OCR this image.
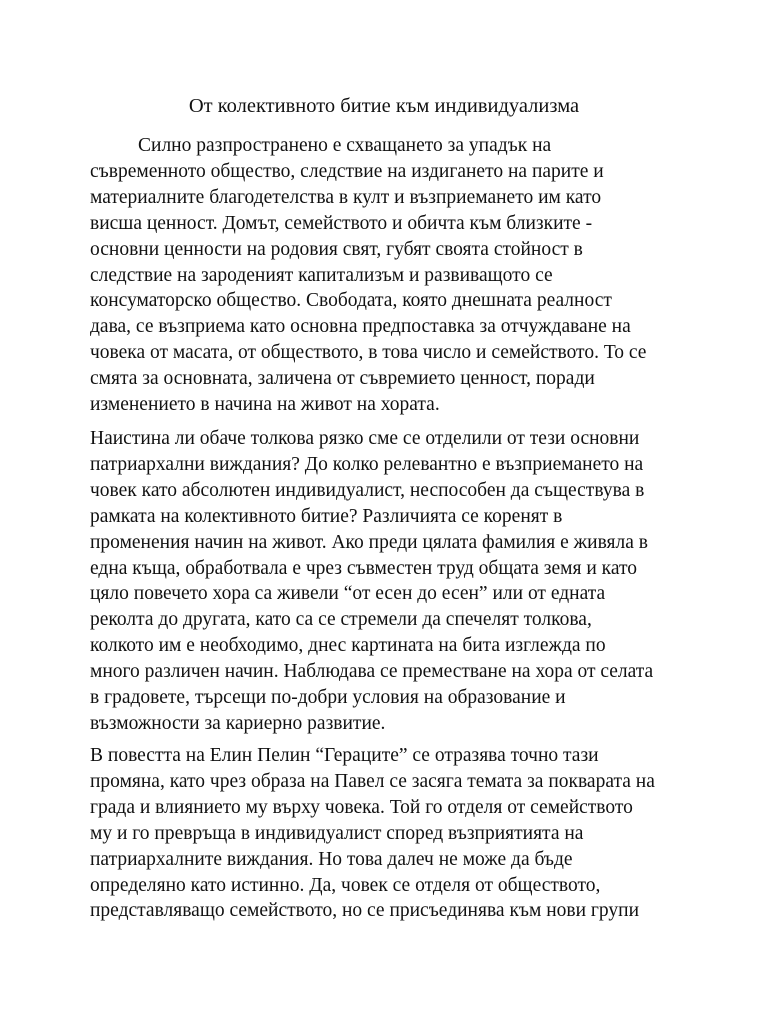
От колективното битие към индивидуализма

Силно разпространено е схващането за упадък на
съвременното общество, следствие на издигането на парите и
материалните благодетелства в култ и възприемането им като
висша ценност. Домът, семейството и обичта към близките -
основни ценности на родовия свят, губят своята стойност в
следствие на зароденият капитализъм и развиващото се
консуматорско общество. Свободата, която днешната реалност
дава, се възприема като основна предпоставка за отчуждаване на
човека от масата, от обществото, в това число и семейството. То се
смята за основната, заличена от съвремието ценност, поради
изменението в начина на живот на хората.

Наистина ли обаче толкова рязко сме се отделили от тези основни
патриархални виждания? До колко релевантно е възприемането на
човек като абсолютен индивидуалист, неспособен да съществува в
рамката на колективното битие? Различията се коренят в
променения начин на живот. Ако преди цялата фамилия е живяла в
една къща, обработвала е чрез съвместен труд общата земя и като
цяло повечето хора са живели “от есен до есен” или от едната
реколта до другата, като са се стремели да спечелят толкова,
колкото им е необходимо, днес картината на бита изглежда по
много различен начин. Наблюдава се преместване на хора от селата
в градовете, търсещи по-добри условия на образование и
възможности за кариерно развитие.

В повестта на Елин Пелин “Гераците” се отразява точно тази
промяна, като чрез образа на Павел се засяга темата за покварата на
града и влиянието му върху човека. Той го отделя от семейството
му и го превръща в индивидуалист според възприятията на
патриархалните виждания. Но това далеч не може да бъде
определяно като истинно. Да, човек се отделя от обществото,
представляващо семейството, но се присъединява към нови групи
